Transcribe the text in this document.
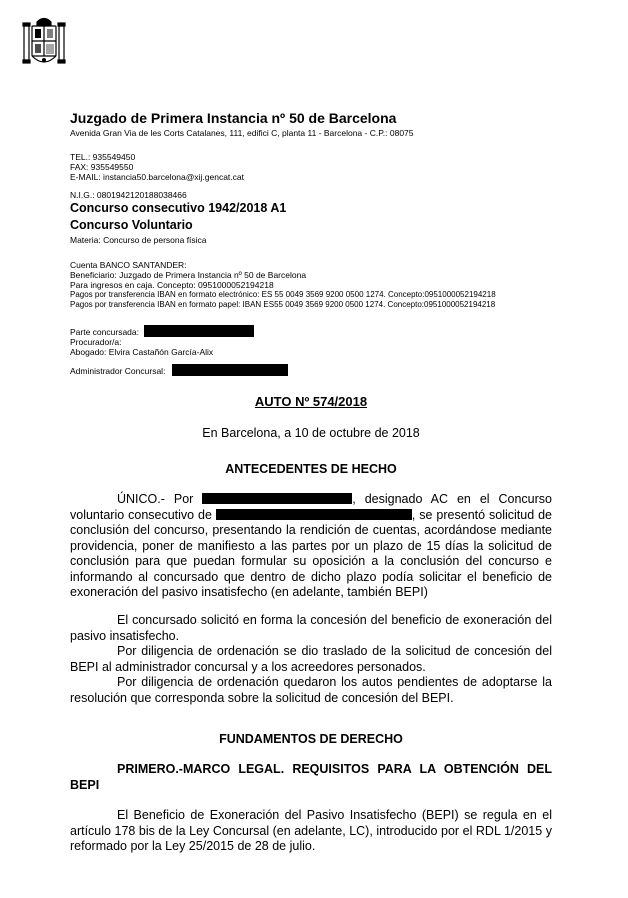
Juzgado de Primera Instancia nº 50 de Barcelona
Avenida Gran Via de les Corts Catalanes, 111, edifici C, planta 11 - Barcelona - C.P.: 08075
TEL.: 935549450
FAX: 935549550
E-MAIL: instancia50.barcelona@xij.gencat.cat
N.I.G.: 0801942120188038466
Concurso consecutivo 1942/2018 A1
Concurso Voluntario
Materia: Concurso de persona física
Cuenta BANCO SANTANDER:
Beneficiario: Juzgado de Primera Instancia nº 50 de Barcelona
Para ingresos en caja. Concepto: 0951000052194218
Pagos por transferencia IBAN en formato electrónico: ES 55 0049 3569 9200 0500 1274. Concepto:0951000052194218
Pagos por transferencia IBAN en formato papel: IBAN ES55 0049 3569 9200 0500 1274. Concepto:0951000052194218
Parte concursada:
Procurador/a:
Abogado: Elvira Castañón García-Alix
Administrador Concursal:
AUTO Nº 574/2018
En Barcelona, a 10 de octubre de 2018
ANTECEDENTES DE HECHO
ÚNICO.- Por	, designado AC en el Concurso voluntario consecutivo de	, se presentó solicitud de conclusión del concurso, presentando la rendición de cuentas, acordándose mediante providencia, poner de manifiesto a las partes por un plazo de 15 días la solicitud de conclusión para que puedan formular su oposición a la conclusión del concurso e informando al concursado que dentro de dicho plazo podía solicitar el beneficio de exoneración del pasivo insatisfecho (en adelante, también BEPI)
El concursado solicitó en forma la concesión del beneficio de exoneración del pasivo insatisfecho.
Por diligencia de ordenación se dio traslado de la solicitud de concesión del BEPI al administrador concursal y a los acreedores personados.
Por diligencia de ordenación quedaron los autos pendientes de adoptarse la resolución que corresponda sobre la solicitud de concesión del BEPI.
FUNDAMENTOS DE DERECHO
PRIMERO.-MARCO LEGAL. REQUISITOS PARA LA OBTENCIÓN DEL BEPI
El Beneficio de Exoneración del Pasivo Insatisfecho (BEPI) se regula en el artículo 178 bis de la Ley Concursal (en adelante, LC), introducido por el RDL 1/2015 y reformado por la Ley 25/2015 de 28 de julio.
